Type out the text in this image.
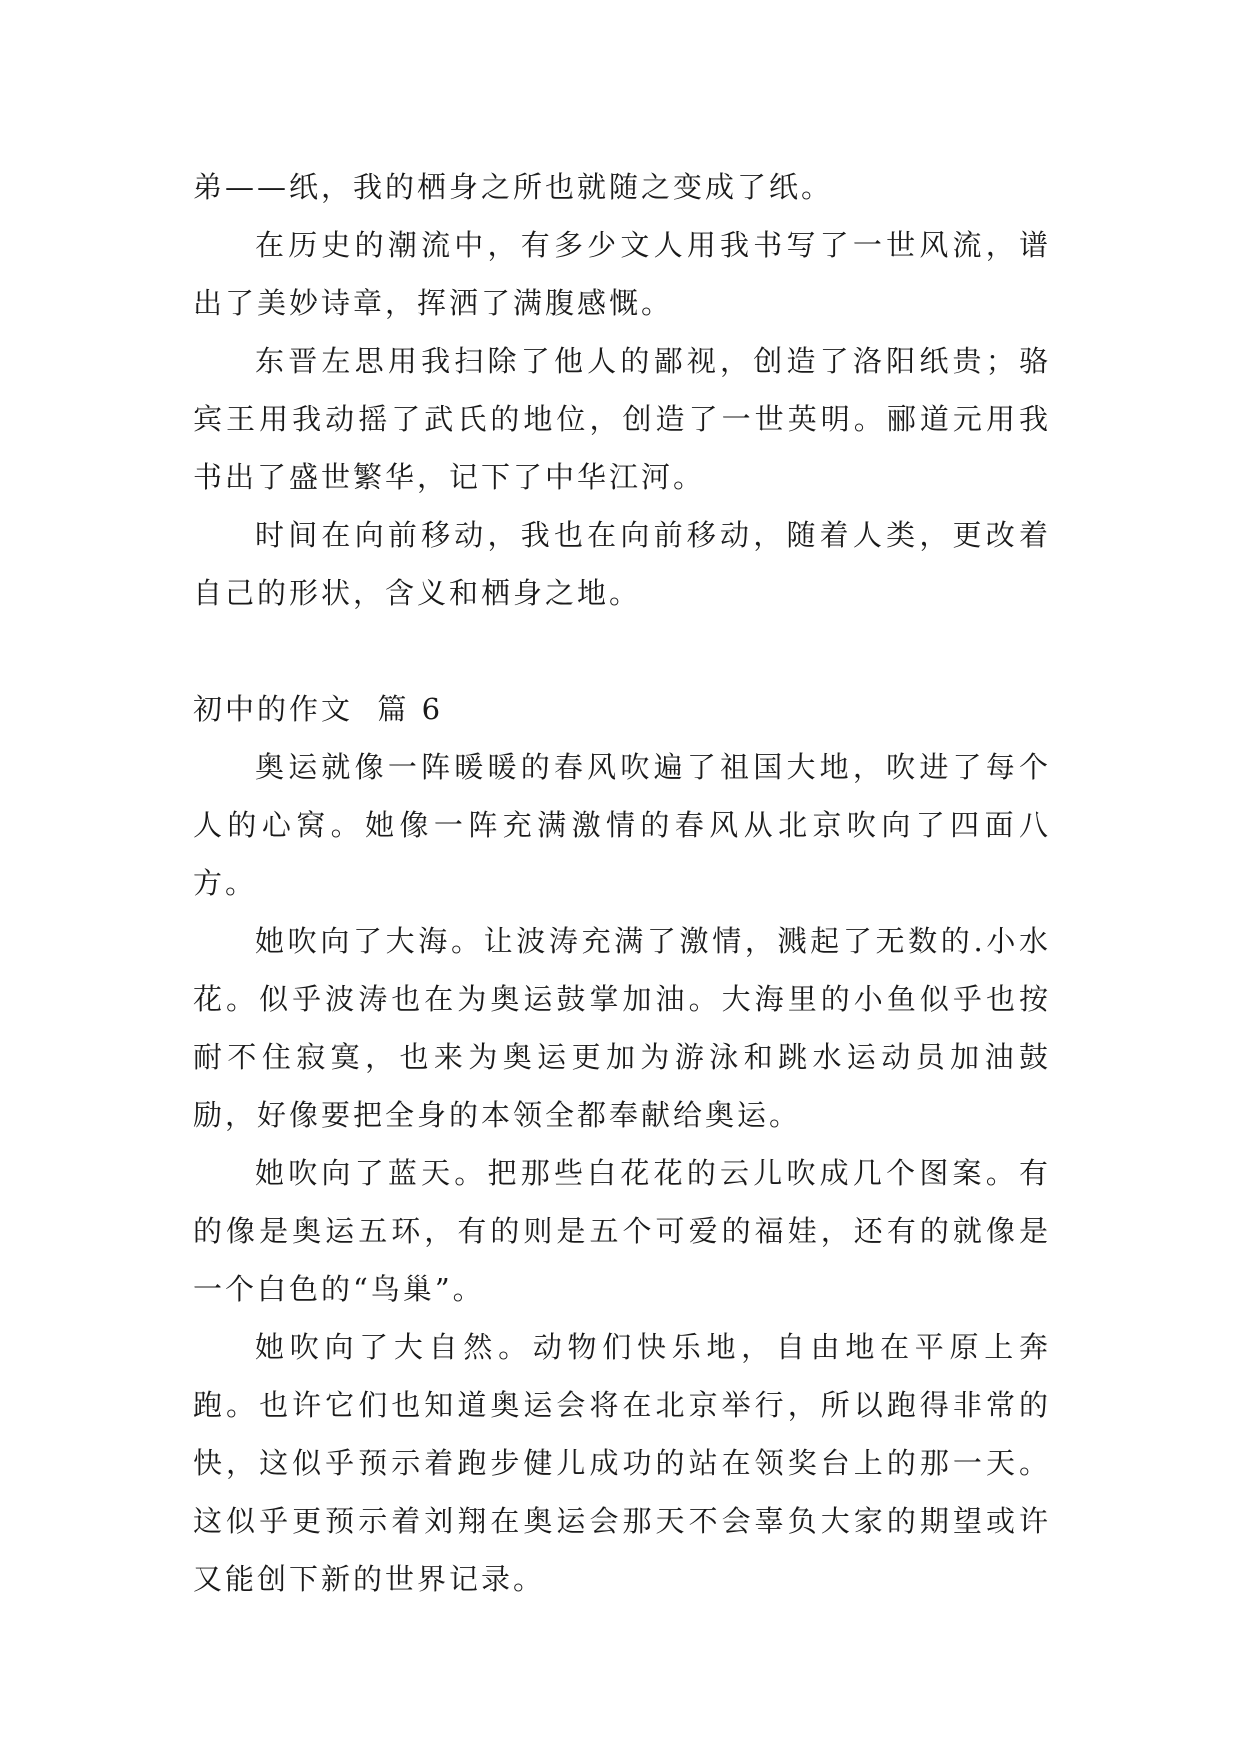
弟——纸，我的栖身之所也就随之变成了纸。

在历史的潮流中，有多少文人用我书写了一世风流，谱出了美妙诗章，挥洒了满腹感慨。

东晋左思用我扫除了他人的鄙视，创造了洛阳纸贵；骆宾王用我动摇了武氏的地位，创造了一世英明。郦道元用我书出了盛世繁华，记下了中华江河。

时间在向前移动，我也在向前移动，随着人类，更改着自己的形状，含义和栖身之地。

初中的作文  篇 6

奥运就像一阵暖暖的春风吹遍了祖国大地，吹进了每个人的心窝。她像一阵充满激情的春风从北京吹向了四面八方。

她吹向了大海。让波涛充满了激情，溅起了无数的.小水花。似乎波涛也在为奥运鼓掌加油。大海里的小鱼似乎也按耐不住寂寞，也来为奥运更加为游泳和跳水运动员加油鼓励，好像要把全身的本领全都奉献给奥运。

她吹向了蓝天。把那些白花花的云儿吹成几个图案。有的像是奥运五环，有的则是五个可爱的福娃，还有的就像是一个白色的“鸟巢”。

她吹向了大自然。动物们快乐地，自由地在平原上奔跑。也许它们也知道奥运会将在北京举行，所以跑得非常的快，这似乎预示着跑步健儿成功的站在领奖台上的那一天。这似乎更预示着刘翔在奥运会那天不会辜负大家的期望或许又能创下新的世界记录。
